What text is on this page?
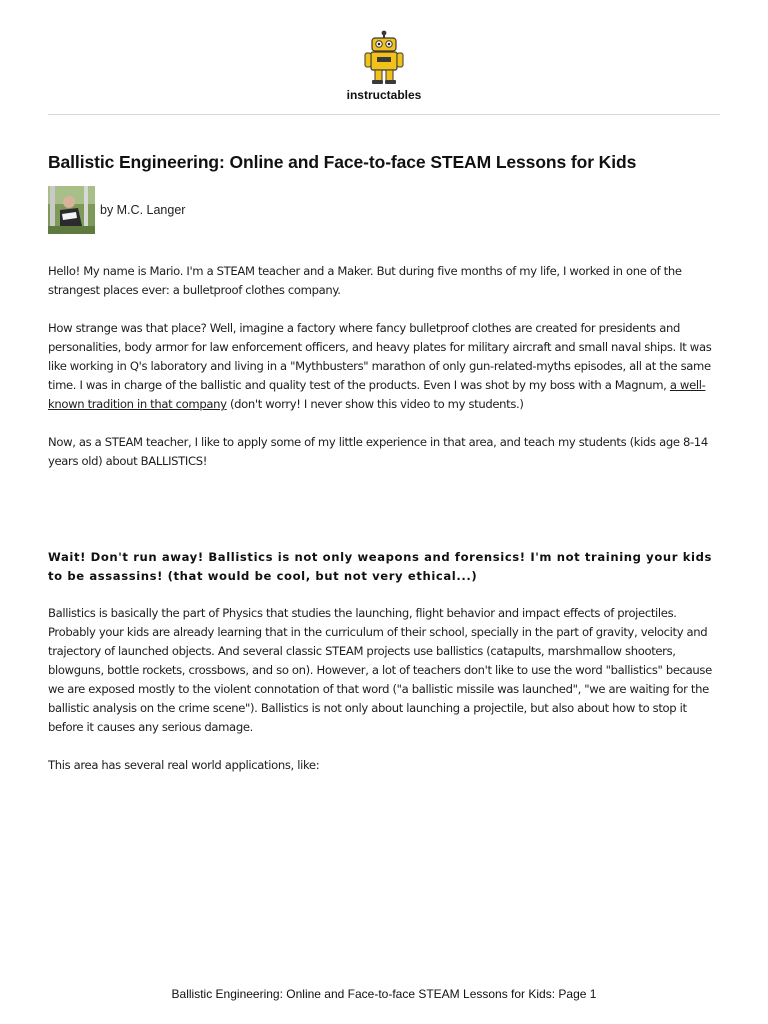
instructables
Ballistic Engineering: Online and Face-to-face STEAM Lessons for Kids
by M.C. Langer

Hello! My name is Mario. I'm a STEAM teacher and a Maker. But during five months of my life, I worked in one of the strangest places ever: a bulletproof clothes company.

How strange was that place? Well, imagine a factory where fancy bulletproof clothes are created for presidents and personalities, body armor for law enforcement officers, and heavy plates for military aircraft and small naval ships. It was like working in Q's laboratory and living in a "Mythbusters" marathon of only gun-related-myths episodes, all at the same time. I was in charge of the ballistic and quality test of the products. Even I was shot by my boss with a Magnum, a well-known tradition in that company (don't worry! I never show this video to my students.)

Now, as a STEAM teacher, I like to apply some of my little experience in that area, and teach my students (kids age 8-14 years old) about BALLISTICS!

Wait! Don't run away! Ballistics is not only weapons and forensics! I'm not training your kids to be assassins! (that would be cool, but not very ethical...)

Ballistics is basically the part of Physics that studies the launching, flight behavior and impact effects of projectiles. Probably your kids are already learning that in the curriculum of their school, specially in the part of gravity, velocity and trajectory of launched objects. And several classic STEAM projects use ballistics (catapults, marshmallow shooters, blowguns, bottle rockets, crossbows, and so on). However, a lot of teachers don't like to use the word "ballistics" because we are exposed mostly to the violent connotation of that word ("a ballistic missile was launched", "we are waiting for the ballistic analysis on the crime scene"). Ballistics is not only about launching a projectile, but also about how to stop it before it causes any serious damage.

This area has several real world applications, like:

Ballistic Engineering: Online and Face-to-face STEAM Lessons for Kids: Page 1
